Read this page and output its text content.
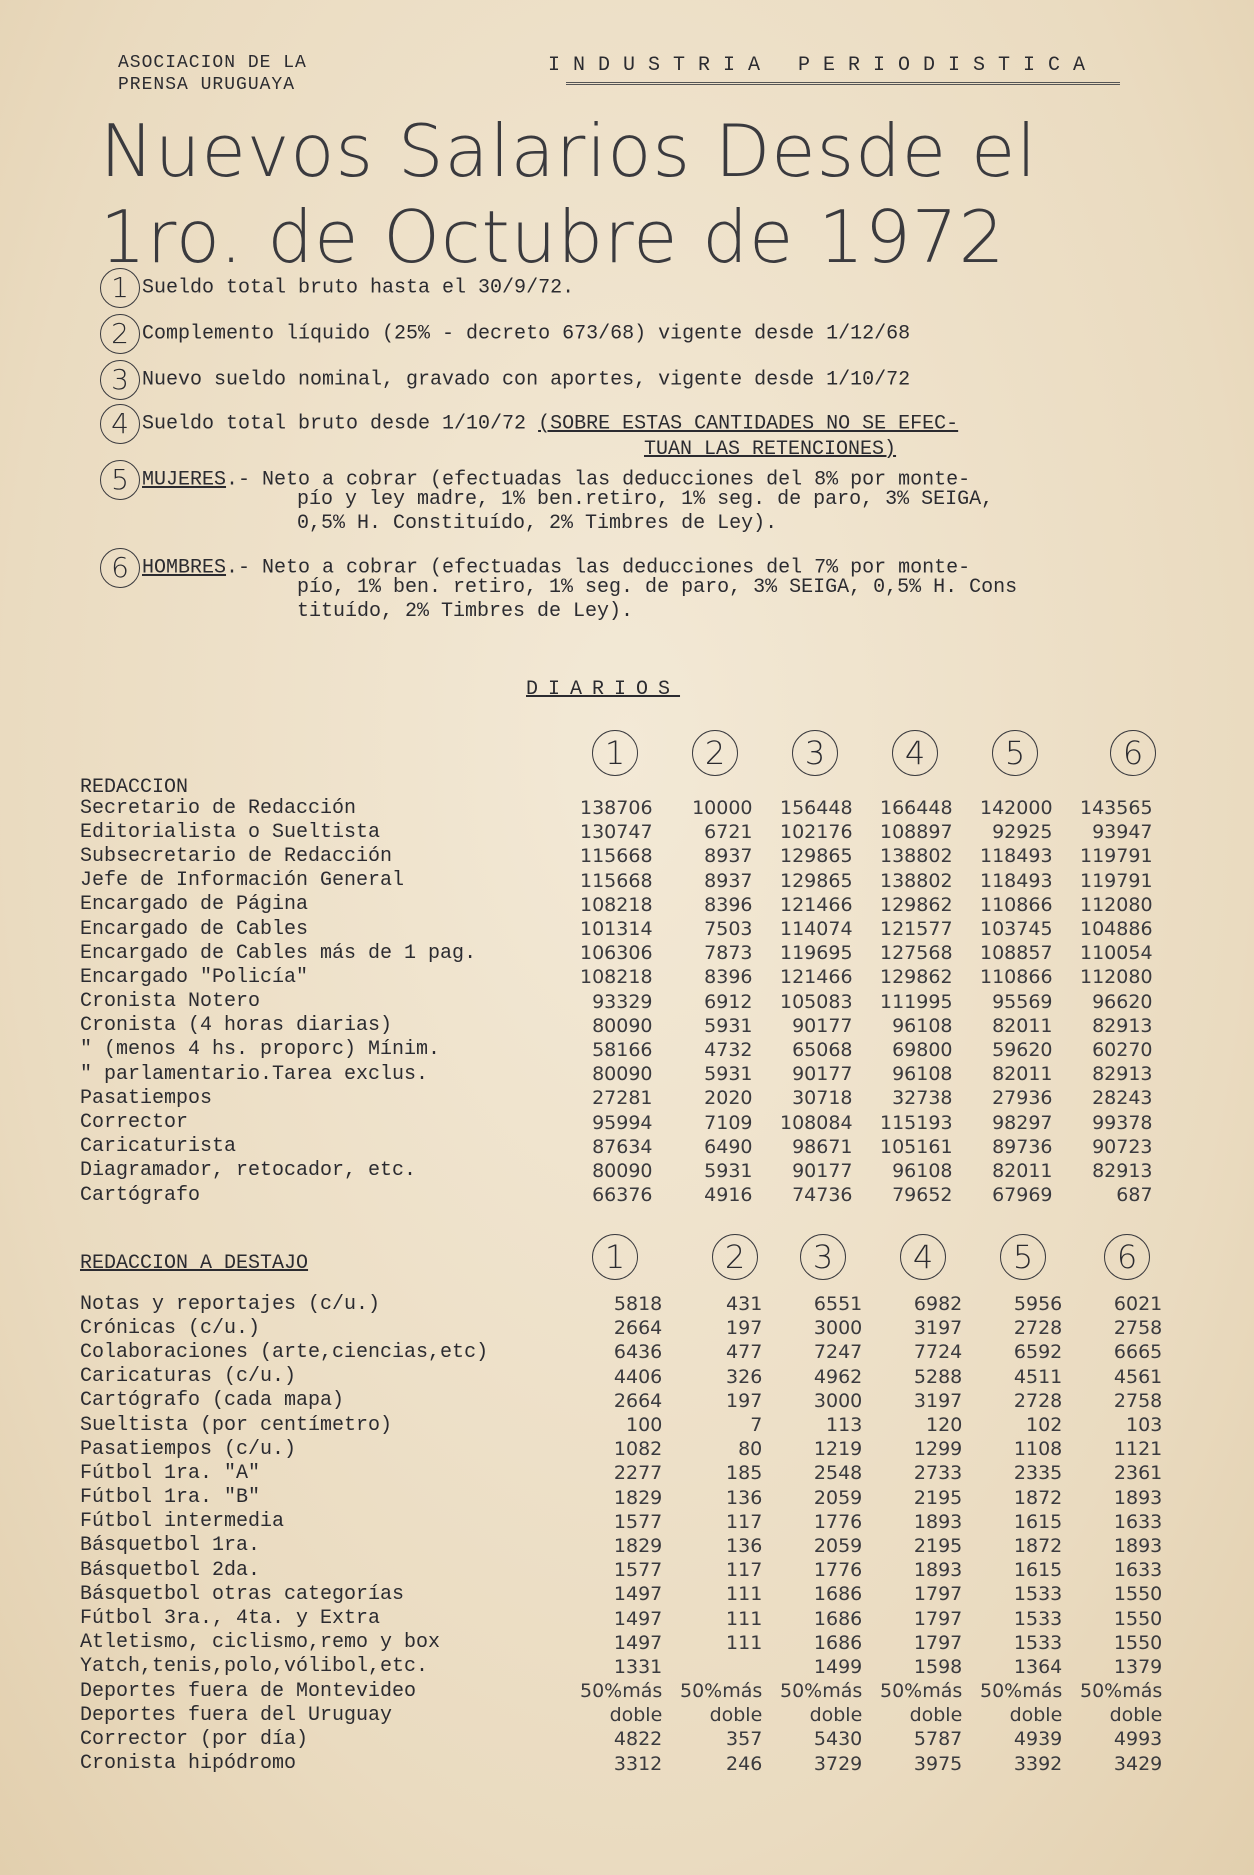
ASOCIACION DE LA
PRENSA URUGUAYA
INDUSTRIA PERIODISTICA
Nuevos Salarios Desde el
1ro. de Octubre de 1972
1 Sueldo total bruto hasta el 30/9/72.
2 Complemento líquido (25% - decreto 673/68) vigente desde 1/12/68
3 Nuevo sueldo nominal, gravado con aportes, vigente desde 1/10/72
4 Sueldo total bruto desde 1/10/72 (SOBRE ESTAS CANTIDADES NO SE EFEC-
TUAN LAS RETENCIONES)
5 MUJERES.- Neto a cobrar (efectuadas las deducciones del 8% por monte-
pío y ley madre, 1% ben.retiro, 1% seg. de paro, 3% SEIGA,
0,5% H. Constituído, 2% Timbres de Ley).
6 HOMBRES.- Neto a cobrar (efectuadas las deducciones del 7% por monte-
pío, 1% ben. retiro, 1% seg. de paro, 3% SEIGA, 0,5% H. Cons
tituído, 2% Timbres de Ley).
DIARIOS
1	2	3	4	5	6
REDACCION
Secretario de Redacción	138706	10000	156448	166448	142000	143565
Editorialista o Sueltista	130747	6721	102176	108897	92925	93947
Subsecretario de Redacción	115668	8937	129865	138802	118493	119791
Jefe de Información General	115668	8937	129865	138802	118493	119791
Encargado de Página	108218	8396	121466	129862	110866	112080
Encargado de Cables	101314	7503	114074	121577	103745	104886
Encargado de Cables más de 1 pag.	106306	7873	119695	127568	108857	110054
Encargado "Policía"	108218	8396	121466	129862	110866	112080
Cronista Notero	93329	6912	105083	111995	95569	96620
Cronista (4 horas diarias)	80090	5931	90177	96108	82011	82913
" (menos 4 hs. proporc) Mínim.	58166	4732	65068	69800	59620	60270
" parlamentario.Tarea exclus.	80090	5931	90177	96108	82011	82913
Pasatiempos	27281	2020	30718	32738	27936	28243
Corrector	95994	7109	108084	115193	98297	99378
Caricaturista	87634	6490	98671	105161	89736	90723
Diagramador, retocador, etc.	80090	5931	90177	96108	82011	82913
Cartógrafo	66376	4916	74736	79652	67969	687
1	2	3	4	5	6
REDACCION A DESTAJO
Notas y reportajes (c/u.)	5818	431	6551	6982	5956	6021
Crónicas (c/u.)	2664	197	3000	3197	2728	2758
Colaboraciones (arte,ciencias,etc)	6436	477	7247	7724	6592	6665
Caricaturas (c/u.)	4406	326	4962	5288	4511	4561
Cartógrafo (cada mapa)	2664	197	3000	3197	2728	2758
Sueltista (por centímetro)	100	7	113	120	102	103
Pasatiempos (c/u.)	1082	80	1219	1299	1108	1121
Fútbol 1ra. "A"	2277	185	2548	2733	2335	2361
Fútbol 1ra. "B"	1829	136	2059	2195	1872	1893
Fútbol intermedia	1577	117	1776	1893	1615	1633
Básquetbol 1ra.	1829	136	2059	2195	1872	1893
Básquetbol 2da.	1577	117	1776	1893	1615	1633
Básquetbol otras categorías	1497	111	1686	1797	1533	1550
Fútbol 3ra., 4ta. y Extra	1497	111	1686	1797	1533	1550
Atletismo, ciclismo,remo y box	1497	111	1686	1797	1533	1550
Yatch,tenis,polo,vólibol,etc.	1331		1499	1598	1364	1379
Deportes fuera de Montevideo	50%más	50%más	50%más	50%más	50%más	50%más
Deportes fuera del Uruguay	doble	doble	doble	doble	doble	doble
Corrector (por día)	4822	357	5430	5787	4939	4993
Cronista hipódromo	3312	246	3729	3975	3392	3429
